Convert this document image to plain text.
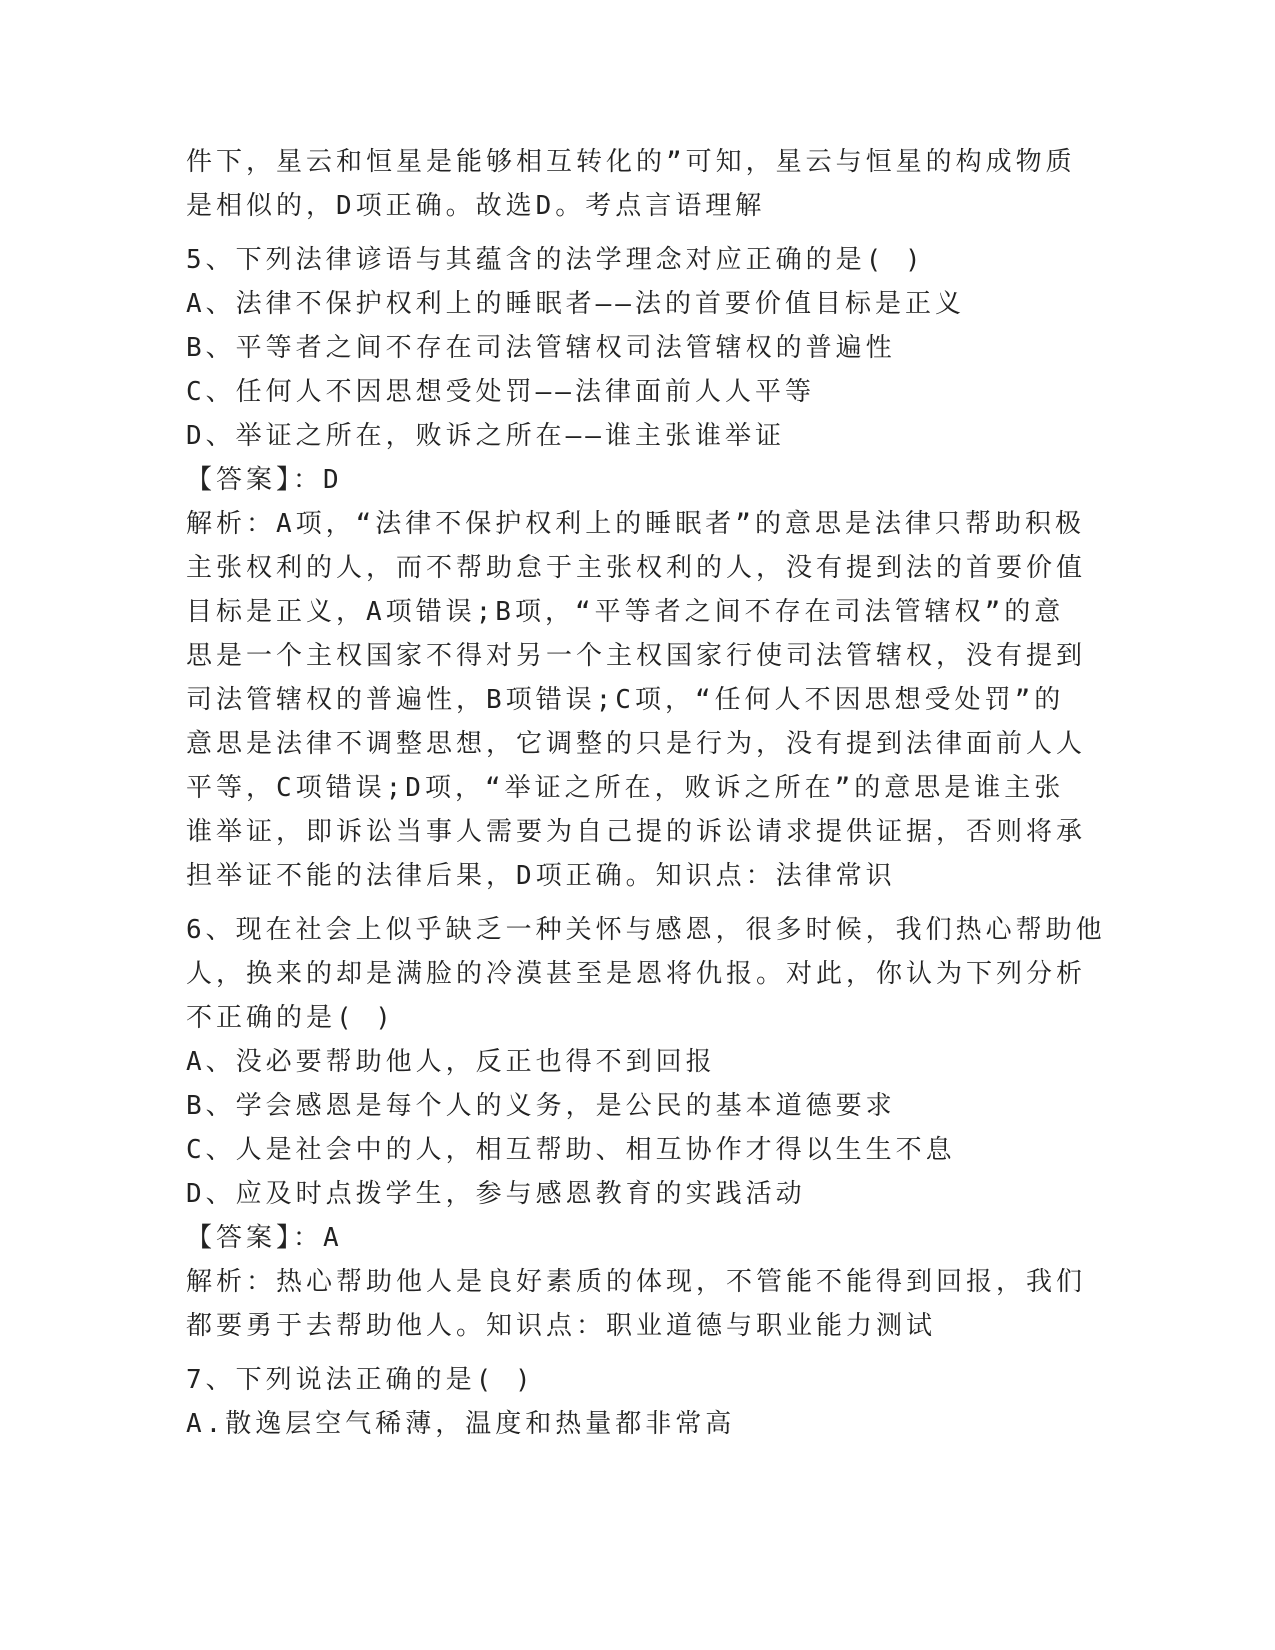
件下，星云和恒星是能够相互转化的”可知，星云与恒星的构成物质
是相似的，D项正确。故选D。考点言语理解
5、下列法律谚语与其蕴含的法学理念对应正确的是( )
A、法律不保护权利上的睡眠者——法的首要价值目标是正义
B、平等者之间不存在司法管辖权司法管辖权的普遍性
C、任何人不因思想受处罚——法律面前人人平等
D、举证之所在，败诉之所在——谁主张谁举证
【答案】：D
解析：A项，“法律不保护权利上的睡眠者”的意思是法律只帮助积极
主张权利的人，而不帮助怠于主张权利的人，没有提到法的首要价值
目标是正义，A项错误;B项，“平等者之间不存在司法管辖权”的意
思是一个主权国家不得对另一个主权国家行使司法管辖权，没有提到
司法管辖权的普遍性，B项错误;C项，“任何人不因思想受处罚”的
意思是法律不调整思想，它调整的只是行为，没有提到法律面前人人
平等，C项错误;D项，“举证之所在，败诉之所在”的意思是谁主张
谁举证，即诉讼当事人需要为自己提的诉讼请求提供证据，否则将承
担举证不能的法律后果，D项正确。知识点：法律常识
6、现在社会上似乎缺乏一种关怀与感恩，很多时候，我们热心帮助他
人，换来的却是满脸的冷漠甚至是恩将仇报。对此，你认为下列分析
不正确的是( )
A、没必要帮助他人，反正也得不到回报
B、学会感恩是每个人的义务，是公民的基本道德要求
C、人是社会中的人，相互帮助、相互协作才得以生生不息
D、应及时点拨学生，参与感恩教育的实践活动
【答案】：A
解析：热心帮助他人是良好素质的体现，不管能不能得到回报，我们
都要勇于去帮助他人。知识点：职业道德与职业能力测试
7、下列说法正确的是( )
A.散逸层空气稀薄，温度和热量都非常高
